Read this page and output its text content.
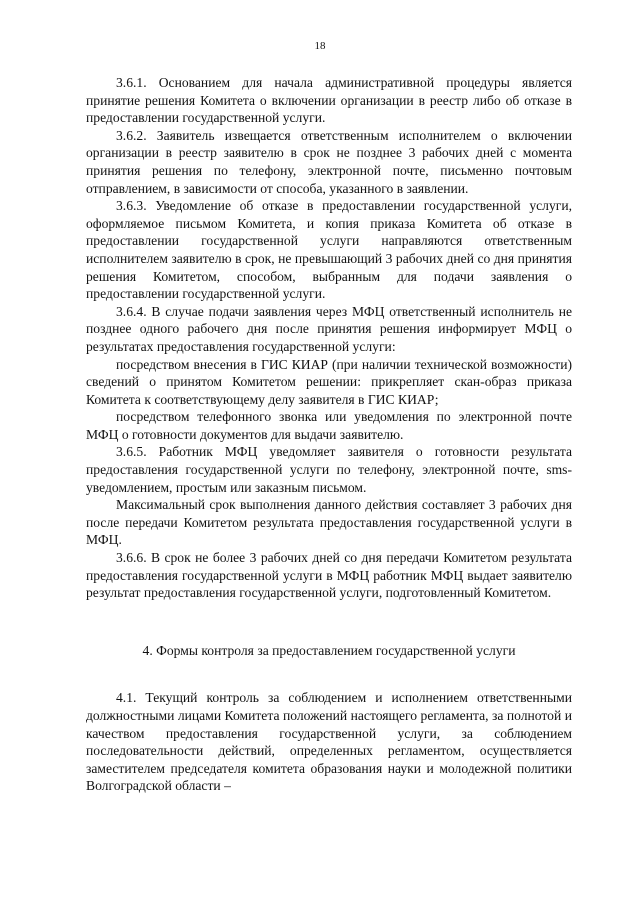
18

3.6.1. Основанием для начала административной процедуры является принятие решения Комитета о включении организации в реестр либо об отказе в предоставлении государственной услуги.

3.6.2. Заявитель извещается ответственным исполнителем о включении организации в реестр заявителю в срок не позднее 3 рабочих дней с момента принятия решения по телефону, электронной почте, письменно почтовым отправлением, в зависимости от способа, указанного в заявлении.

3.6.3. Уведомление об отказе в предоставлении государственной услуги, оформляемое письмом Комитета, и копия приказа Комитета об отказе в предоставлении государственной услуги направляются ответственным исполнителем заявителю в срок, не превышающий 3 рабочих дней со дня принятия решения Комитетом, способом, выбранным для подачи заявления о предоставлении государственной услуги.

3.6.4. В случае подачи заявления через МФЦ ответственный исполнитель не позднее одного рабочего дня после принятия решения информирует МФЦ о результатах предоставления государственной услуги:

посредством внесения в ГИС КИАР (при наличии технической возможности) сведений о принятом Комитетом решении: прикрепляет скан-образ приказа Комитета к соответствующему делу заявителя в ГИС КИАР;

посредством телефонного звонка или уведомления по электронной почте МФЦ о готовности документов для выдачи заявителю.

3.6.5. Работник МФЦ уведомляет заявителя о готовности результата предоставления государственной услуги по телефону, электронной почте, sms-уведомлением, простым или заказным письмом.

Максимальный срок выполнения данного действия составляет 3 рабочих дня после передачи Комитетом результата предоставления государственной услуги в МФЦ.

3.6.6. В срок не более 3 рабочих дней со дня передачи Комитетом результата предоставления государственной услуги в МФЦ работник МФЦ выдает заявителю результат предоставления государственной услуги, подготовленный Комитетом.

4. Формы контроля за предоставлением государственной услуги

4.1. Текущий контроль за соблюдением и исполнением ответственными должностными лицами Комитета положений настоящего регламента, за полнотой и качеством предоставления государственной услуги, за соблюдением последовательности действий, определенных регламентом, осуществляется заместителем председателя комитета образования науки и молодежной политики Волгоградской области –
